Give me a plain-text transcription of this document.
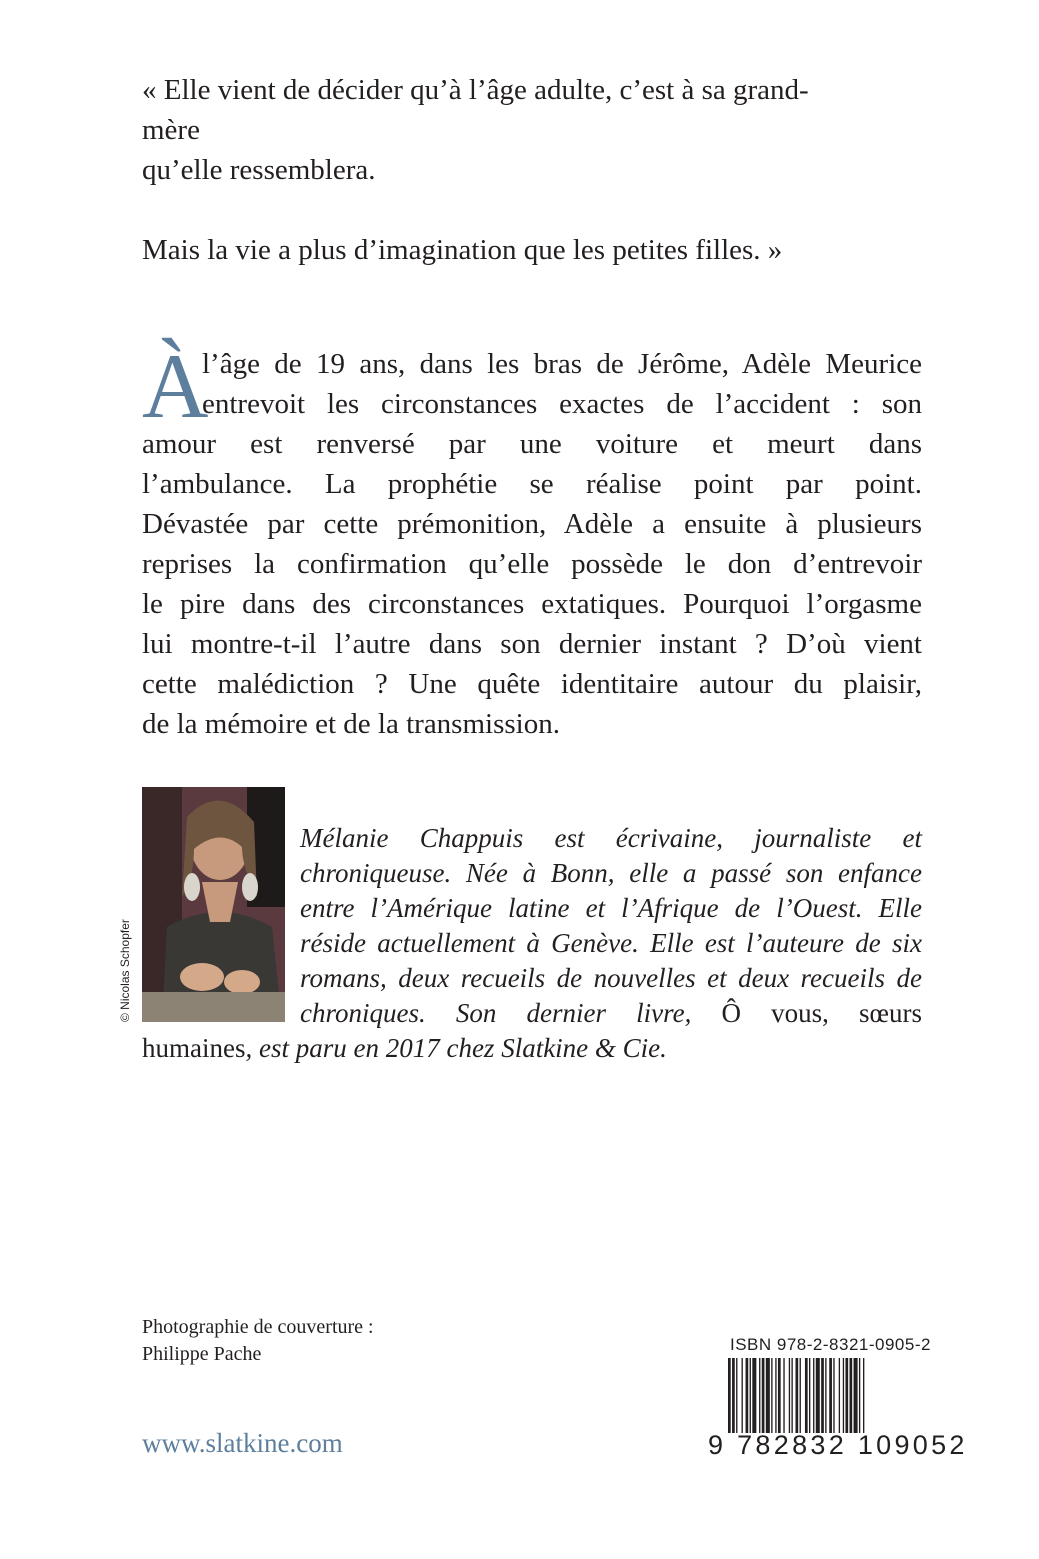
« Elle vient de décider qu’à l’âge adulte, c’est à sa grand-

mère

qu’elle ressemblera.

Mais la vie a plus d’imagination que les petites filles. »

À
l’âge de 19 ans, dans les bras de Jérôme, Adèle Meurice
entrevoit les circonstances exactes de l’accident : son
amour est renversé par une voiture et meurt dans
l’ambulance. La prophétie se réalise point par point.
Dévastée par cette prémonition, Adèle a ensuite à plusieurs
reprises la confirmation qu’elle possède le don d’entrevoir
le pire dans des circonstances extatiques. Pourquoi l’orgasme
lui montre-t-il l’autre dans son dernier instant ? D’où vient
cette malédiction ? Une quête identitaire autour du plaisir,
de la mémoire et de la transmission.
© Nicolas Schopfer
Mélanie Chappuis est écrivaine, journaliste et
chroniqueuse. Née à Bonn, elle a passé son enfance
entre l’Amérique latine et l’Afrique de l’Ouest. Elle
réside actuellement à Genève. Elle est l’auteure de six
romans, deux recueils de nouvelles et deux recueils de
chroniques. Son dernier livre, Ô vous, sœurs
humaines, est paru en 2017 chez Slatkine & Cie.
Photographie de couverture :
Philippe Pache
www.slatkine.com
ISBN 978-2-8321-0905-2
9 782832 109052
